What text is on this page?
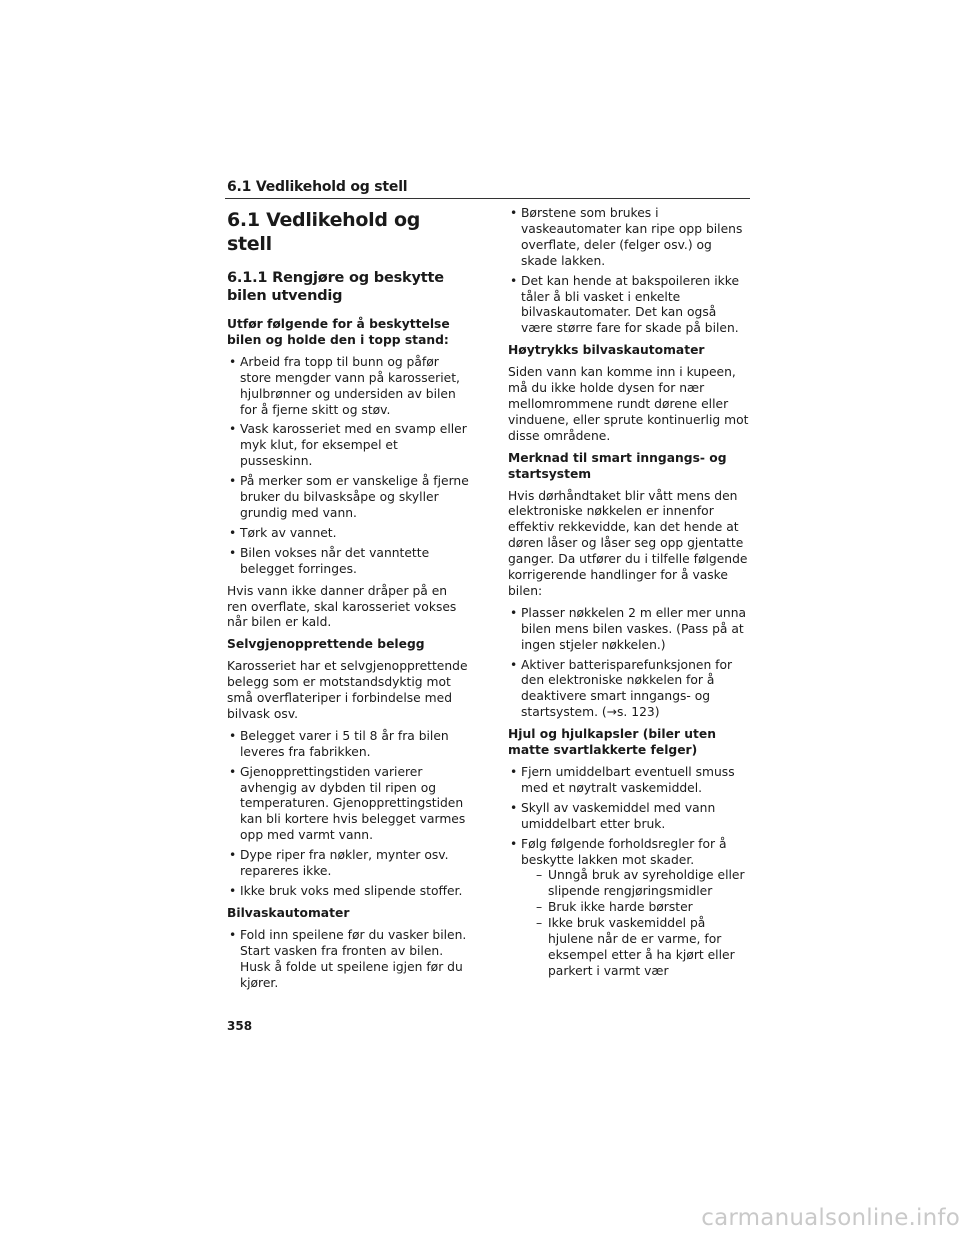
6.1 Vedlikehold og stell
6.1 Vedlikehold og stell
6.1.1 Rengjøre og beskytte bilen utvendig

Utfør følgende for å beskyttelse bilen og holde den i topp stand:

• Arbeid fra topp til bunn og påfør store mengder vann på karosseriet, hjulbrønner og undersiden av bilen for å fjerne skitt og støv.
• Vask karosseriet med en svamp eller myk klut, for eksempel et pusseskinn.
• På merker som er vanskelige å fjerne bruker du bilvasksåpe og skyller grundig med vann.
• Tørk av vannet.
• Bilen vokses når det vanntette belegget forringes.

Hvis vann ikke danner dråper på en ren overflate, skal karosseriet vokses når bilen er kald.

Selvgjenopprettende belegg

Karosseriet har et selvgjenopprettende belegg som er motstandsdyktig mot små overflateriper i forbindelse med bilvask osv.

• Belegget varer i 5 til 8 år fra bilen leveres fra fabrikken.
• Gjenopprettingstiden varierer avhengig av dybden til ripen og temperaturen. Gjenopprettingstiden kan bli kortere hvis belegget varmes opp med varmt vann.
• Dype riper fra nøkler, mynter osv. repareres ikke.
• Ikke bruk voks med slipende stoffer.

Bilvaskautomater

• Fold inn speilene før du vasker bilen. Start vasken fra fronten av bilen. Husk å folde ut speilene igjen før du kjører.
• Børstene som brukes i vaskeautomater kan ripe opp bilens overflate, deler (felger osv.) og skade lakken.
• Det kan hende at bakspoileren ikke tåler å bli vasket i enkelte bilvaskautomater. Det kan også være større fare for skade på bilen.

Høytrykks bilvaskautomater

Siden vann kan komme inn i kupeen, må du ikke holde dysen for nær mellomrommene rundt dørene eller vinduene, eller sprute kontinuerlig mot disse områdene.

Merknad til smart inngangs- og startsystem

Hvis dørhåndtaket blir vått mens den elektroniske nøkkelen er innenfor effektiv rekkevidde, kan det hende at døren låser og låser seg opp gjentatte ganger. Da utfører du i tilfelle følgende korrigerende handlinger for å vaske bilen:

• Plasser nøkkelen 2 m eller mer unna bilen mens bilen vaskes. (Pass på at ingen stjeler nøkkelen.)
• Aktiver batterisparefunksjonen for den elektroniske nøkkelen for å deaktivere smart inngangs- og startsystem. (→s. 123)

Hjul og hjulkapsler (biler uten matte svartlakkerte felger)

• Fjern umiddelbart eventuell smuss med et nøytralt vaskemiddel.
• Skyll av vaskemiddel med vann umiddelbart etter bruk.
• Følg følgende forholdsregler for å beskytte lakken mot skader.
– Unngå bruk av syreholdige eller slipende rengjøringsmidler
– Bruk ikke harde børster
– Ikke bruk vaskemiddel på hjulene når de er varme, for eksempel etter å ha kjørt eller parkert i varmt vær
358
carmanualsonline.info
